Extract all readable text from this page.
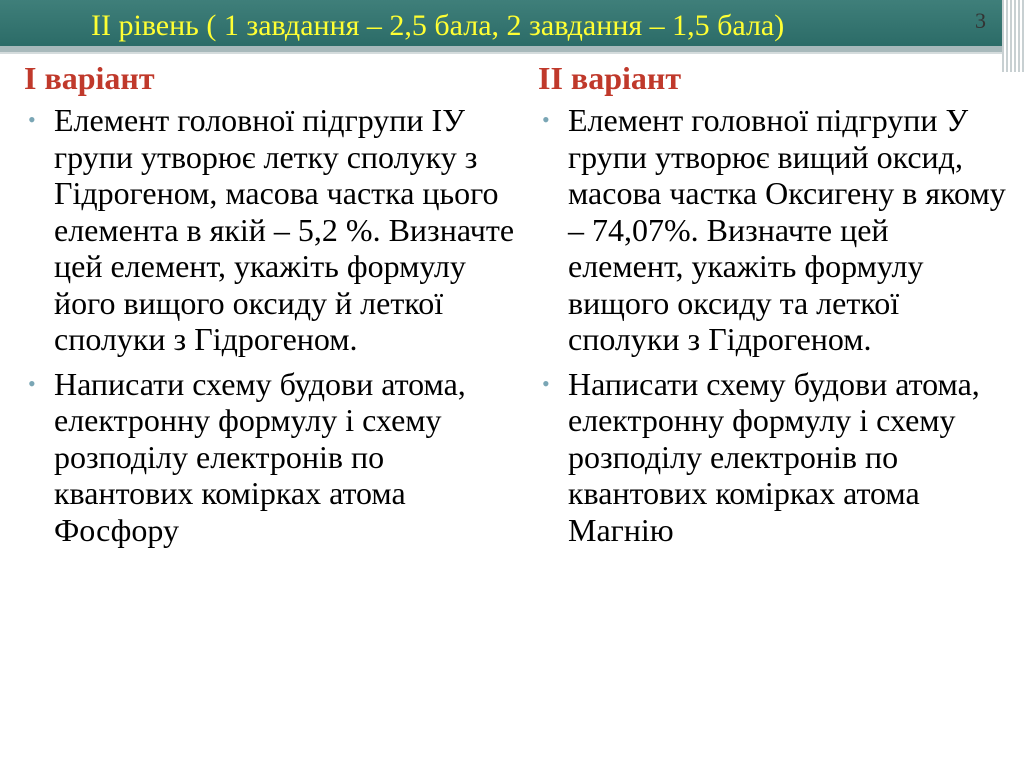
ІІ рівень ( 1 завдання – 2,5 бала, 2 завдання – 1,5 бала)	3
І варіант
• Елемент головної підгрупи ІУ групи утворює летку сполуку з Гідрогеном, масова частка цього елемента в якій – 5,2 %. Визначте цей елемент, укажіть формулу його вищого оксиду й леткої сполуки з Гідрогеном.
• Написати схему будови атома, електронну формулу і схему розподілу електронів по квантових комірках атома Фосфору
ІІ варіант
• Елемент головної підгрупи У групи утворює вищий оксид, масова частка Оксигену в якому – 74,07%. Визначте цей елемент, укажіть формулу вищого оксиду та леткої сполуки з Гідрогеном.
• Написати схему будови атома, електронну формулу і схему розподілу електронів по квантових комірках атома Магнію
